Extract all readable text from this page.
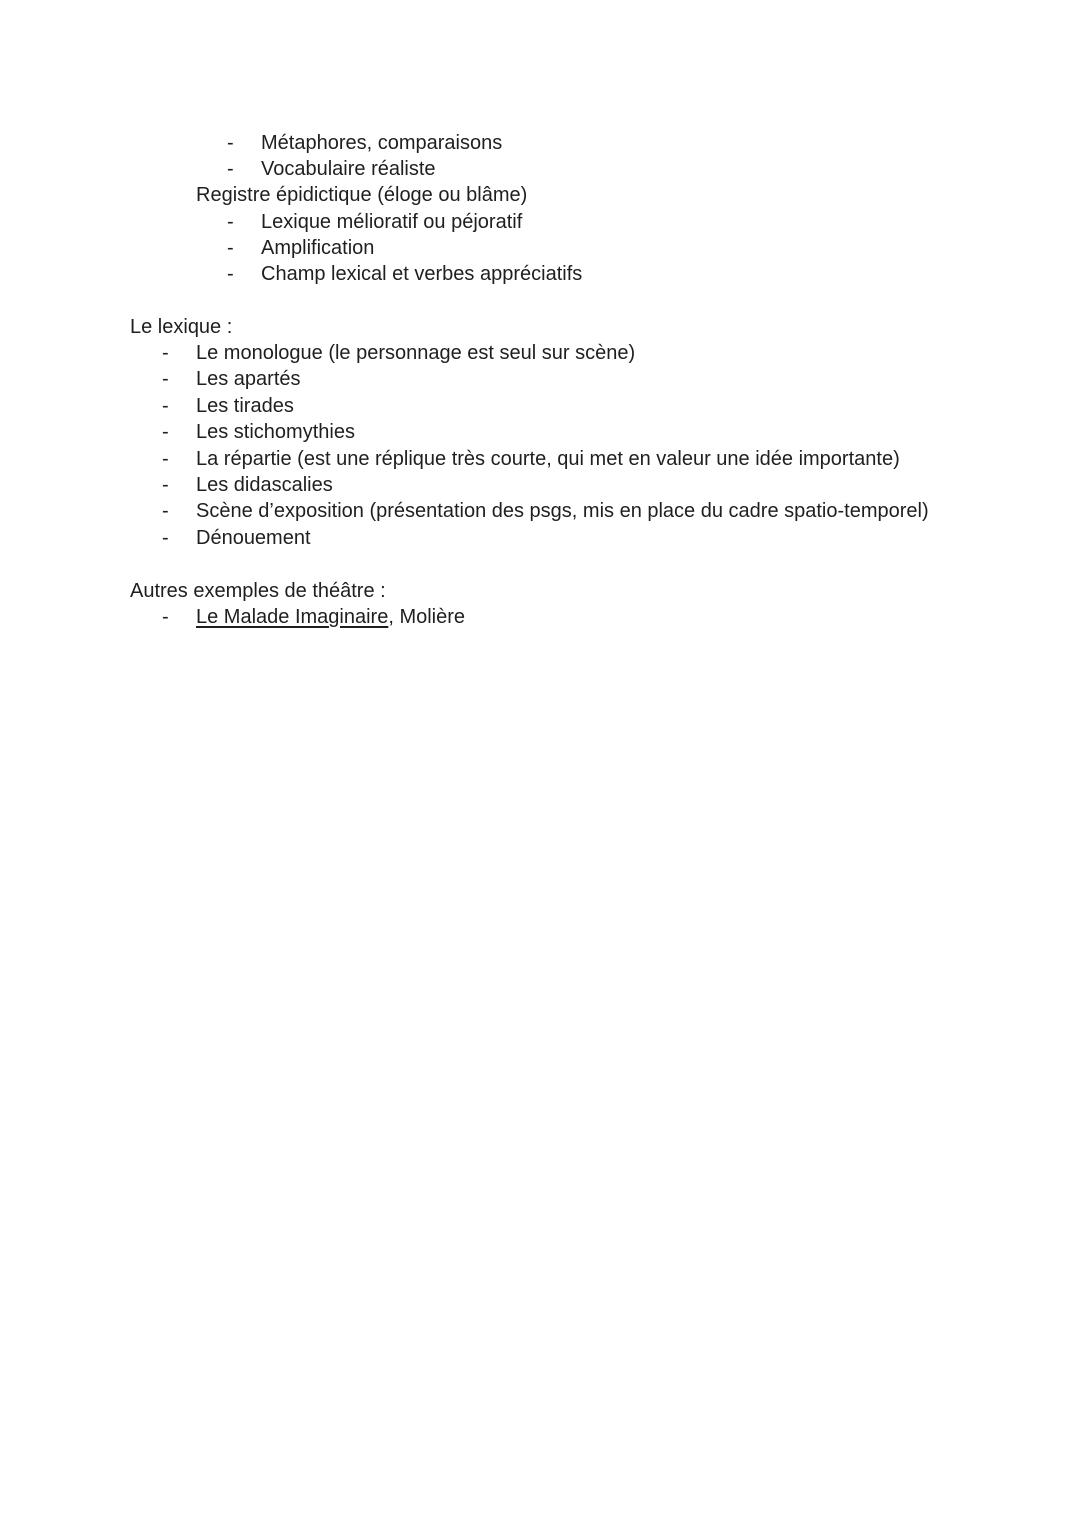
- Métaphores, comparaisons
- Vocabulaire réaliste
Registre épidictique (éloge ou blâme)
- Lexique mélioratif ou péjoratif
- Amplification
- Champ lexical et verbes appréciatifs
Le lexique :
- Le monologue (le personnage est seul sur scène)
- Les apartés
- Les tirades
- Les stichomythies
- La répartie (est une réplique très courte, qui met en valeur une idée importante)
- Les didascalies
- Scène d’exposition (présentation des psgs, mis en place du cadre spatio-temporel)
- Dénouement
Autres exemples de théâtre :
- Le Malade Imaginaire, Molière
